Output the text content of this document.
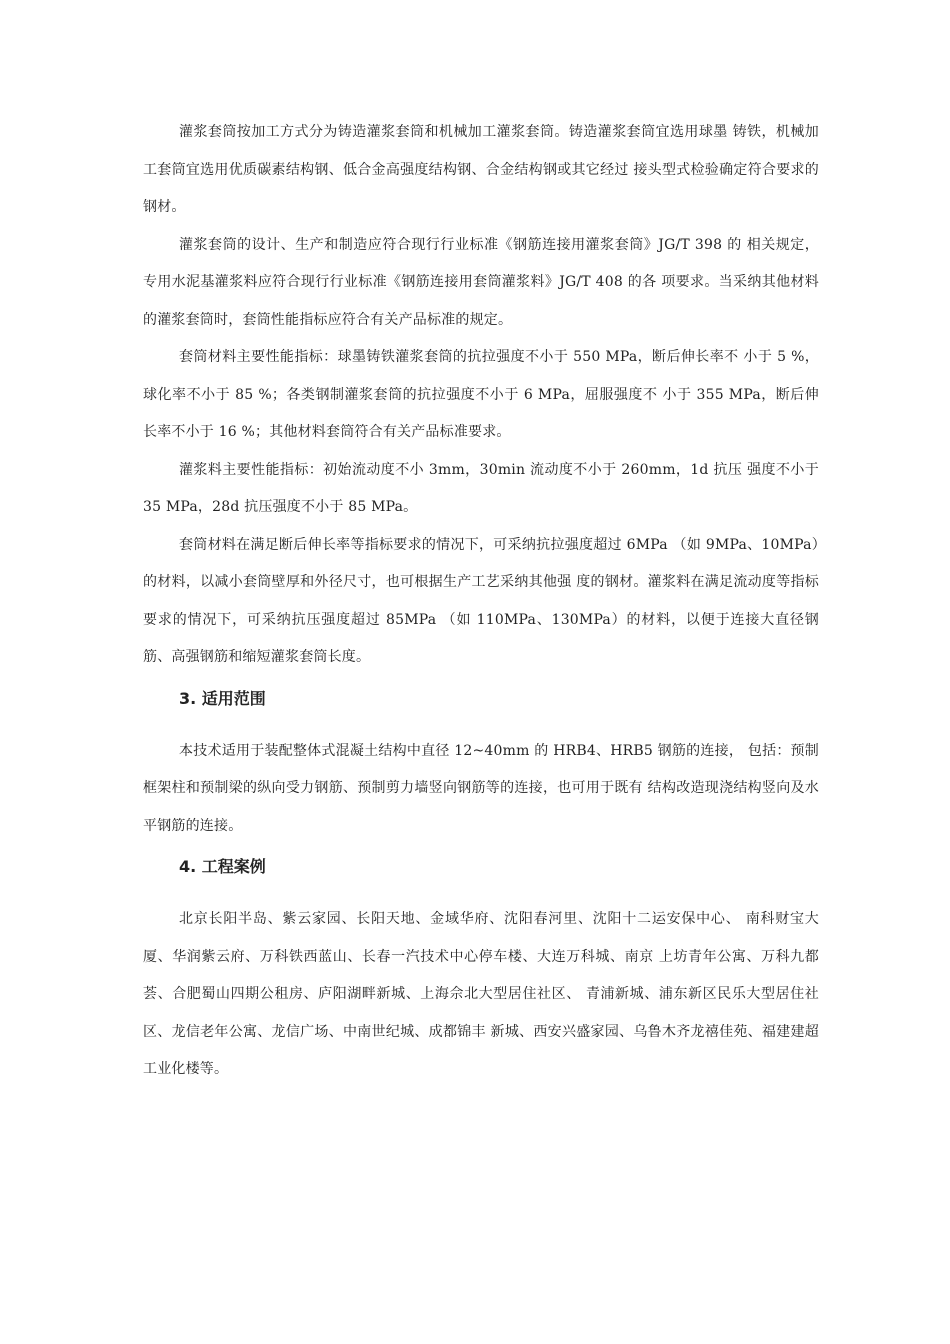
灌浆套筒按加工方式分为铸造灌浆套筒和机械加工灌浆套筒。铸造灌浆套筒宜选用球墨 铸铁，机械加工套筒宜选用优质碳素结构钢、低合金高强度结构钢、合金结构钢或其它经过 接头型式检验确定符合要求的钢材。

灌浆套筒的设计、生产和制造应符合现行行业标准《钢筋连接用灌浆套筒》JG/T 398 的 相关规定，专用水泥基灌浆料应符合现行行业标准《钢筋连接用套筒灌浆料》JG/T 408 的各 项要求。当采纳其他材料的灌浆套筒时，套筒性能指标应符合有关产品标准的规定。

套筒材料主要性能指标：球墨铸铁灌浆套筒的抗拉强度不小于 550 MPa，断后伸长率不 小于 5 %，球化率不小于 85 %；各类钢制灌浆套筒的抗拉强度不小于 6 MPa，屈服强度不 小于 355 MPa，断后伸长率不小于 16 %；其他材料套筒符合有关产品标准要求。

灌浆料主要性能指标：初始流动度不小 3mm，30min 流动度不小于 260mm，1d 抗压 强度不小于 35 MPa，28d 抗压强度不小于 85 MPa。

套筒材料在满足断后伸长率等指标要求的情况下，可采纳抗拉强度超过 6MPa （如 9MPa、10MPa）的材料，以减小套筒壁厚和外径尺寸，也可根据生产工艺采纳其他强 度的钢材。灌浆料在满足流动度等指标要求的情况下，可采纳抗压强度超过 85MPa （如 110MPa、130MPa）的材料，以便于连接大直径钢筋、高强钢筋和缩短灌浆套筒长度。

3. 适用范围

本技术适用于装配整体式混凝土结构中直径 12~40mm 的 HRB4、HRB5 钢筋的连接， 包括：预制框架柱和预制梁的纵向受力钢筋、预制剪力墙竖向钢筋等的连接，也可用于既有 结构改造现浇结构竖向及水平钢筋的连接。

4. 工程案例

北京长阳半岛、紫云家园、长阳天地、金域华府、沈阳春河里、沈阳十二运安保中心、 南科财宝大厦、华润紫云府、万科铁西蓝山、长春一汽技术中心停车楼、大连万科城、南京 上坊青年公寓、万科九都荟、合肥蜀山四期公租房、庐阳湖畔新城、上海佘北大型居住社区、 青浦新城、浦东新区民乐大型居住社区、龙信老年公寓、龙信广场、中南世纪城、成都锦丰 新城、西安兴盛家园、乌鲁木齐龙禧佳苑、福建建超工业化楼等。
